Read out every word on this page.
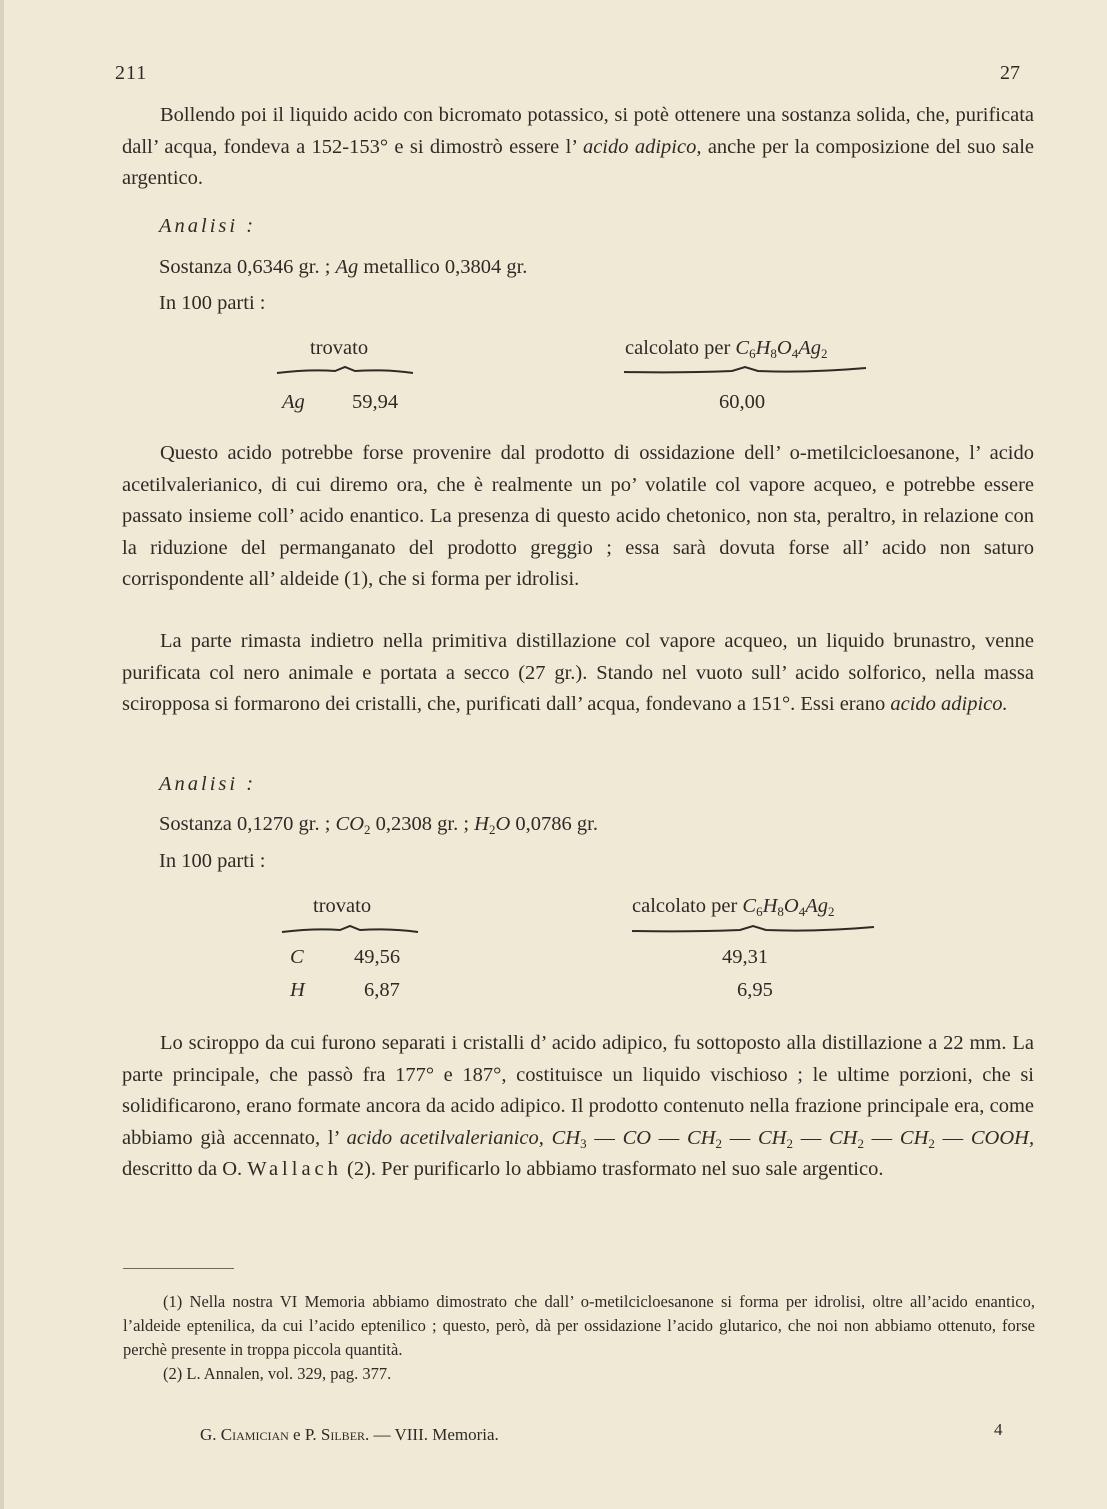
211	27

Bollendo poi il liquido acido con bicromato potassico, si potè ottenere una sostanza solida, che, purificata dall’ acqua, fondeva a 152-153° e si dimostrò essere l’ acido adipico, anche per la composizione del suo sale argentico.

Analisi :
Sostanza 0,6346 gr. ; Ag metallico 0,3804 gr.
In 100 parti :
trovato	calcolato per $C_6H_8O_4Ag_2$
Ag 59,94	60,00

Questo acido potrebbe forse provenire dal prodotto di ossidazione dell’ o-metilcicloesanone, l’ acido acetilvalerianico, di cui diremo ora, che è realmente un po’ volatile col vapore acqueo, e potrebbe essere passato insieme coll’ acido enantico. La presenza di questo acido chetonico, non sta, peraltro, in relazione con la riduzione del permanganato del prodotto greggio ; essa sarà dovuta forse all’ acido non saturo corrispondente all’ aldeide (1), che si forma per idrolisi.

La parte rimasta indietro nella primitiva distillazione col vapore acqueo, un liquido brunastro, venne purificata col nero animale e portata a secco (27 gr.). Stando nel vuoto sull’ acido solforico, nella massa sciropposa si formarono dei cristalli, che, purificati dall’ acqua, fondevano a 151°. Essi erano acido adipico.

Analisi :
Sostanza 0,1270 gr. ; $CO_2$ 0,2308 gr. ; $H_2O$ 0,0786 gr.
In 100 parti :
trovato	calcolato per $C_6H_8O_4Ag_2$
C 49,56	49,31
H	6,87	6,95

Lo sciroppo da cui furono separati i cristalli d’ acido adipico, fu sottoposto alla distillazione a 22 mm. La parte principale, che passò fra 177° e 187°, costituisce un liquido vischioso ; le ultime porzioni, che si solidificarono, erano formate ancora da acido adipico. Il prodotto contenuto nella frazione principale era, come abbiamo già accennato, l’ acido acetilvalerianico, $CH_3$ — CO — $CH_2$ — $CH_2$ — $CH_2$ — $CH_2$ — COOH, descritto da O. Wallach (2). Per purificarlo lo abbiamo trasformato nel suo sale argentico.

(1) Nella nostra VI Memoria abbiamo dimostrato che dall’ o-metilcicloesanone si forma per idrolisi, oltre all’acido enantico, l’aldeide eptenilica, da cui l’acido eptenilico ; questo, però, dà per ossidazione l’acido glutarico, che noi non abbiamo ottenuto, forse perchè presente in troppa piccola quantità.

(2) L. Annalen, vol. 329, pag. 377.

G. Ciamician e P. Silber. — VIII. Memoria.	4
